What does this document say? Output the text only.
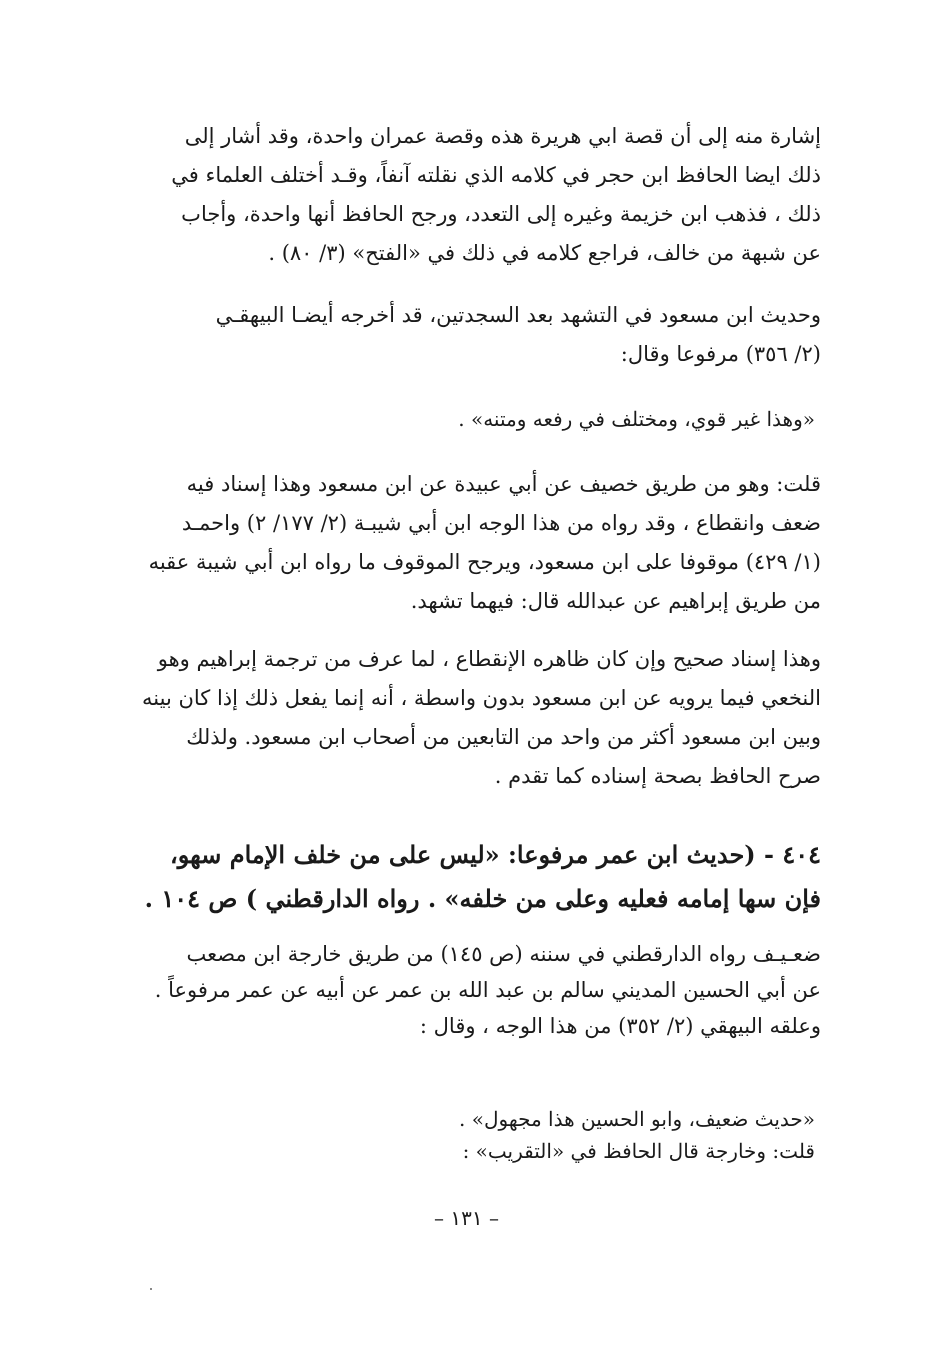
إشارة منه إلى أن قصة ابي هريرة هذه وقصة عمران واحدة، وقد أشار إلى
ذلك ايضا الحافظ ابن حجر في كلامه الذي نقلته آنفاً، وقـد أختلف العلماء في
ذلك ، فذهب ابن خزيمة وغيره إلى التعدد، ورجح الحافظ أنها واحدة، وأجاب
عن شبهة من خالف، فراجع كلامه في ذلك في «الفتح» (٣/ ٨٠) .
وحديث ابن مسعود في التشهد بعد السجدتين، قد أخرجه أيضـا البيهقـي
(٢/ ٣٥٦) مرفوعا وقال:
«وهذا غير قوي، ومختلف في رفعه ومتنه» .
قلت: وهو من طريق خصيف عن أبي عبيدة عن ابن مسعود وهذا إسناد فيه
ضعف وانقطاع ، وقد رواه من هذا الوجه ابن أبي شيبـة (٢/ ١٧٧/ ٢) واحمـد
(١/ ٤٢٩) موقوفا على ابن مسعود، ويرجح الموقوف ما رواه ابن أبي شيبة عقبه
من طريق إبراهيم عن عبدالله قال: فيهما تشهد.
وهذا إسناد صحيح وإن كان ظاهره الإنقطاع ، لما عرف من ترجمة إبراهيم وهو
النخعي فيما يرويه عن ابن مسعود بدون واسطة ، أنه إنما يفعل ذلك إذا كان بينه
وبين ابن مسعود أكثر من واحد من التابعين من أصحاب ابن مسعود. ولذلك
صرح الحافظ بصحة إسناده كما تقدم .
٤٠٤ - (حديث ابن عمر مرفوعا: «ليس على من خلف الإمام سهو،
فإن سها إمامه فعليه وعلى من خلفه» . رواه الدارقطني ) ص ١٠٤ .
ضعـيـف رواه الدارقطني في سننه (ص ١٤٥) من طريق خارجة ابن مصعب
عن أبي الحسين المديني سالم بن عبد الله بن عمر عن أبيه عن عمر مرفوعاً .
وعلقه البيهقي (٢/ ٣٥٢) من هذا الوجه ، وقال :
«حديث ضعيف، وابو الحسين هذا مجهول» .
قلت: وخارجة قال الحافظ في «التقريب» :
– ١٣١ –
